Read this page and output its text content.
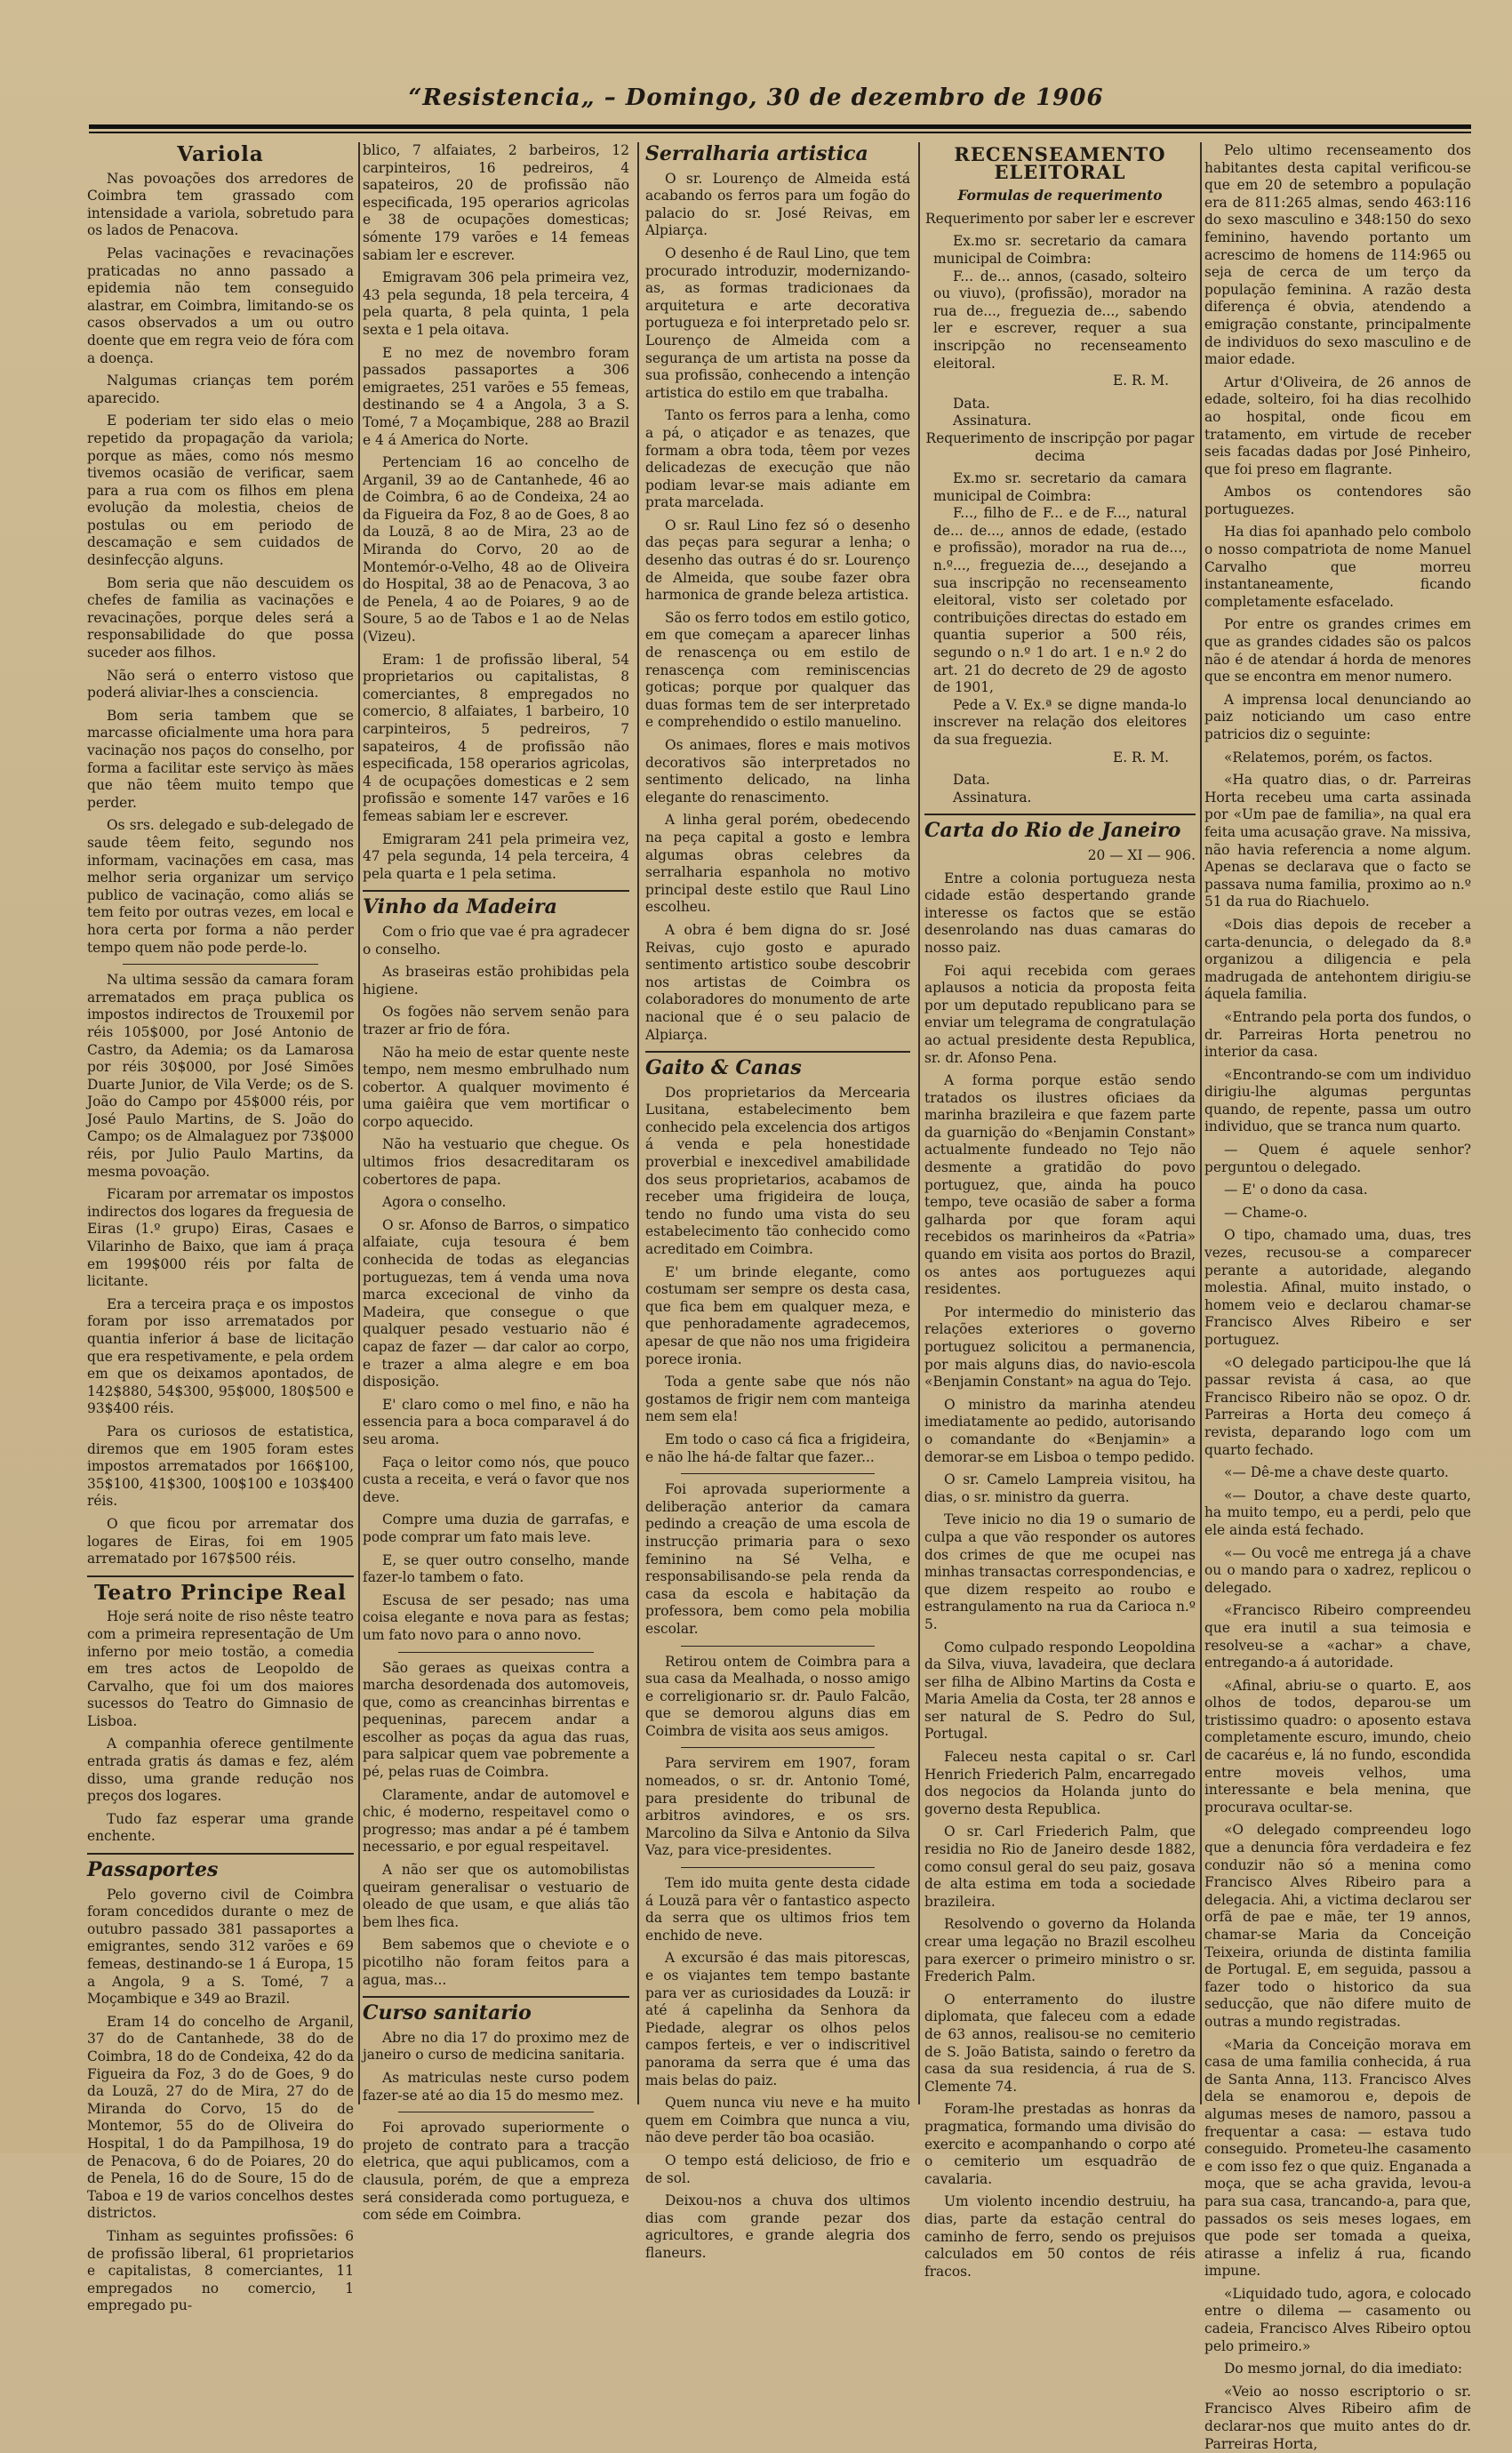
“Resistencia„ – Domingo, 30 de dezembro de 1906
Variola

Nas povoações dos arredores de Coimbra tem grassado com intensidade a variola, sobretudo para os lados de Penacova.

Pelas vacinações e revacinações praticadas no anno passado a epidemia não tem conseguido alastrar, em Coimbra, limitando-se os casos observados a um ou outro doente que em regra veio de fóra com a doença.

Nalgumas crianças tem porém aparecido.

E poderiam ter sido elas o meio repetido da propagação da variola; porque as mães, como nós mesmo tivemos ocasião de verificar, saem para a rua com os filhos em plena evolução da molestia, cheios de postulas ou em periodo de descamação e sem cuidados de desinfecção alguns.

Bom seria que não descuidem os chefes de familia as vacinações e revacinações, porque deles será a responsabilidade do que possa suceder aos filhos.

Não será o enterro vistoso que poderá aliviar-lhes a consciencia.

Bom seria tambem que se marcasse oficialmente uma hora para vacinação nos paços do conselho, por forma a facilitar este serviço às mães que não têem muito tempo que perder.

Os srs. delegado e sub-delegado de saude têem feito, segundo nos informam, vacinações em casa, mas melhor seria organizar um serviço publico de vacinação, como aliás se tem feito por outras vezes, em local e hora certa por forma a não perder tempo quem não pode perde-lo.

Na ultima sessão da camara foram arrematados em praça publica os impostos indirectos de Trouxemil por réis 105$000, por José Antonio de Castro, da Ademia; os da Lamarosa por réis 30$000, por José Simões Duarte Junior, de Vila Verde; os de S. João do Campo por 45$000 réis, por José Paulo Martins, de S. João do Campo; os de Almalaguez por 73$000 réis, por Julio Paulo Martins, da mesma povoação.

Ficaram por arrematar os impostos indirectos dos logares da freguesia de Eiras (1.º grupo) Eiras, Casaes e Vilarinho de Baixo, que iam á praça em 199$000 réis por falta de licitante.

Era a terceira praça e os impostos foram por isso arrematados por quantia inferior á base de licitação que era respetivamente, e pela ordem em que os deixamos apontados, de 142$880, 54$300, 95$000, 180$500 e 93$400 réis.

Para os curiosos de estatistica, diremos que em 1905 foram estes impostos arrematados por 166$100, 35$100, 41$300, 100$100 e 103$400 réis.

O que ficou por arrematar dos logares de Eiras, foi em 1905 arrematado por 167$500 réis.

Teatro Principe Real

Hoje será noite de riso nêste teatro com a primeira representação de Um inferno por meio tostão, a comedia em tres actos de Leopoldo de Carvalho, que foi um dos maiores sucessos do Teatro do Gimnasio de Lisboa.

A companhia oferece gentilmente entrada gratis ás damas e fez, além disso, uma grande redução nos preços dos logares.

Tudo faz esperar uma grande enchente.

Passaportes

Pelo governo civil de Coimbra foram concedidos durante o mez de outubro passado 381 passaportes a emigrantes, sendo 312 varões e 69 femeas, destinando-se 1 á Europa, 15 a Angola, 9 a S. Tomé, 7 a Moçambique e 349 ao Brazil.

Eram 14 do concelho de Arganil, 37 do de Cantanhede, 38 do de Coimbra, 18 do de Condeixa, 42 do da Figueira da Foz, 3 do de Goes, 9 do da Louzã, 27 do de Mira, 27 do de Miranda do Corvo, 15 do de Montemor, 55 do de Oliveira do Hospital, 1 do da Pampilhosa, 19 do de Penacova, 6 do de Poiares, 20 do de Penela, 16 do de Soure, 15 do de Taboa e 19 de varios concelhos destes districtos.

Tinham as seguintes profissões: 6 de profissão liberal, 61 proprietarios e capitalistas, 8 comerciantes, 11 empregados no comercio, 1 empregado pu-

blico, 7 alfaiates, 2 barbeiros, 12 carpinteiros, 16 pedreiros, 4 sapateiros, 20 de profissão não especificada, 195 operarios agricolas e 38 de ocupações domesticas; sómente 179 varões e 14 femeas sabiam ler e escrever.

Emigravam 306 pela primeira vez, 43 pela segunda, 18 pela terceira, 4 pela quarta, 8 pela quinta, 1 pela sexta e 1 pela oitava.

E no mez de novembro foram passados passaportes a 306 emigraetes, 251 varões e 55 femeas, destinando se 4 a Angola, 3 a S. Tomé, 7 a Moçambique, 288 ao Brazil e 4 á America do Norte.

Pertenciam 16 ao concelho de Arganil, 39 ao de Cantanhede, 46 ao de Coimbra, 6 ao de Condeixa, 24 ao da Figueira da Foz, 8 ao de Goes, 8 ao da Louzã, 8 ao de Mira, 23 ao de Miranda do Corvo, 20 ao de Montemór-o-Velho, 48 ao de Oliveira do Hospital, 38 ao de Penacova, 3 ao de Penela, 4 ao de Poiares, 9 ao de Soure, 5 ao de Tabos e 1 ao de Nelas (Vizeu).

Eram: 1 de profissão liberal, 54 proprietarios ou capitalistas, 8 comerciantes, 8 empregados no comercio, 8 alfaiates, 1 barbeiro, 10 carpinteiros, 5 pedreiros, 7 sapateiros, 4 de profissão não especificada, 158 operarios agricolas, 4 de ocupações domesticas e 2 sem profissão e somente 147 varões e 16 femeas sabiam ler e escrever.

Emigraram 241 pela primeira vez, 47 pela segunda, 14 pela terceira, 4 pela quarta e 1 pela setima.

Vinho da Madeira

Com o frio que vae é pra agradecer o conselho.

As braseiras estão prohibidas pela higiene.

Os fogões não servem senão para trazer ar frio de fóra.

Não ha meio de estar quente neste tempo, nem mesmo embrulhado num cobertor. A qualquer movimento é uma gaiêira que vem mortificar o corpo aquecido.

Não ha vestuario que chegue. Os ultimos frios desacreditaram os cobertores de papa.

Agora o conselho.

O sr. Afonso de Barros, o simpatico alfaiate, cuja tesoura é bem conhecida de todas as elegancias portuguezas, tem á venda uma nova marca excecional de vinho da Madeira, que consegue o que qualquer pesado vestuario não é capaz de fazer — dar calor ao corpo, e trazer a alma alegre e em boa disposição.

E' claro como o mel fino, e não ha essencia para a boca comparavel á do seu aroma.

Faça o leitor como nós, que pouco custa a receita, e verá o favor que nos deve.

Compre uma duzia de garrafas, e pode comprar um fato mais leve.

E, se quer outro conselho, mande fazer-lo tambem o fato.

Escusa de ser pesado; nas uma coisa elegante e nova para as festas; um fato novo para o anno novo.

São geraes as queixas contra a marcha desordenada dos automoveis, que, como as creancinhas birrentas e pequeninas, parecem andar a escolher as poças da agua das ruas, para salpicar quem vae pobremente a pé, pelas ruas de Coimbra.

Claramente, andar de automovel e chic, é moderno, respeitavel como o progresso; mas andar a pé é tambem necessario, e por egual respeitavel.

A não ser que os automobilistas queiram generalisar o vestuario de oleado de que usam, e que aliás tão bem lhes fica.

Bem sabemos que o cheviote e o picotilho não foram feitos para a agua, mas...

Curso sanitario

Abre no dia 17 do proximo mez de janeiro o curso de medicina sanitaria.

As matriculas neste curso podem fazer-se até ao dia 15 do mesmo mez.

Foi aprovado superiormente o projeto de contrato para a tracção eletrica, que aqui publicamos, com a clausula, porém, de que a empreza será considerada como portugueza, e com séde em Coimbra.

Serralharia artistica

O sr. Lourenço de Almeida está acabando os ferros para um fogão do palacio do sr. José Reivas, em Alpiarça.

O desenho é de Raul Lino, que tem procurado introduzir, modernizando-as, as formas tradicionaes da arquitetura e arte decorativa portugueza e foi interpretado pelo sr. Lourenço de Almeida com a segurança de um artista na posse da sua profissão, conhecendo a intenção artistica do estilo em que trabalha.

Tanto os ferros para a lenha, como a pá, o atiçador e as tenazes, que formam a obra toda, têem por vezes delicadezas de execução que não podiam levar-se mais adiante em prata marcelada.

O sr. Raul Lino fez só o desenho das peças para segurar a lenha; o desenho das outras é do sr. Lourenço de Almeida, que soube fazer obra harmonica de grande beleza artistica.

São os ferro todos em estilo gotico, em que começam a aparecer linhas de renascença ou em estilo de renascença com reminiscencias goticas; porque por qualquer das duas formas tem de ser interpretado e comprehendido o estilo manuelino.

Os animaes, flores e mais motivos decorativos são interpretados no sentimento delicado, na linha elegante do renascimento.

A linha geral porém, obedecendo na peça capital a gosto e lembra algumas obras celebres da serralharia espanhola no motivo principal deste estilo que Raul Lino escolheu.

A obra é bem digna do sr. José Reivas, cujo gosto e apurado sentimento artistico soube descobrir nos artistas de Coimbra os colaboradores do monumento de arte nacional que é o seu palacio de Alpiarça.

Gaito & Canas

Dos proprietarios da Mercearia Lusitana, estabelecimento bem conhecido pela excelencia dos artigos á venda e pela honestidade proverbial e inexcedivel amabilidade dos seus proprietarios, acabamos de receber uma frigideira de louça, tendo no fundo uma vista do seu estabelecimento tão conhecido como acreditado em Coimbra.

E' um brinde elegante, como costumam ser sempre os desta casa, que fica bem em qualquer meza, e que penhoradamente agradecemos, apesar de que não nos uma frigideira porece ironia.

Toda a gente sabe que nós não gostamos de frigir nem com manteiga nem sem ela!

Em todo o caso cá fica a frigideira, e não lhe há-de faltar que fazer...

Foi aprovada superiormente a deliberação anterior da camara pedindo a creação de uma escola de instrucção primaria para o sexo feminino na Sé Velha, e responsabilisando-se pela renda da casa da escola e habitação da professora, bem como pela mobilia escolar.

Retirou ontem de Coimbra para a sua casa da Mealhada, o nosso amigo e correligionario sr. dr. Paulo Falcão, que se demorou alguns dias em Coimbra de visita aos seus amigos.

Para servirem em 1907, foram nomeados, o sr. dr. Antonio Tomé, para presidente do tribunal de arbitros avindores, e os srs. Marcolino da Silva e Antonio da Silva Vaz, para vice-presidentes.

Tem ido muita gente desta cidade á Louzã para vêr o fantastico aspecto da serra que os ultimos frios tem enchido de neve.

A excursão é das mais pitorescas, e os viajantes tem tempo bastante para ver as curiosidades da Louzã: ir até á capelinha da Senhora da Piedade, alegrar os olhos pelos campos ferteis, e ver o indiscritivel panorama da serra que é uma das mais belas do paiz.

Quem nunca viu neve e ha muito quem em Coimbra que nunca a viu, não deve perder tão boa ocasião.

O tempo está delicioso, de frio e de sol.

Deixou-nos a chuva dos ultimos dias com grande pezar dos agricultores, e grande alegria dos flaneurs.

RECENSEAMENTO ELEITORAL

Formulas de requerimento

Requerimento por saber ler e escrever

Ex.mo sr. secretario da camara municipal de Coimbra:

F... de... annos, (casado, solteiro ou viuvo), (profissão), morador na rua de..., freguezia de..., sabendo ler e escrever, requer a sua inscripção no recenseamento eleitoral.

E. R. M.

Data.

Assinatura.

Requerimento de inscripção por pagar decima

Ex.mo sr. secretario da camara municipal de Coimbra:

F..., filho de F... e de F..., natural de... de..., annos de edade, (estado e profissão), morador na rua de..., n.º..., freguezia de..., desejando a sua inscripção no recenseamento eleitoral, visto ser coletado por contribuições directas do estado em quantia superior a 500 réis, segundo o n.º 1 do art. 1 e n.º 2 do art. 21 do decreto de 29 de agosto de 1901,

Pede a V. Ex.ª se digne manda-lo inscrever na relação dos eleitores da sua freguezia.

E. R. M.

Data.

Assinatura.

Carta do Rio de Janeiro

20 — XI — 906.

Entre a colonia portugueza nesta cidade estão despertando grande interesse os factos que se estão desenrolando nas duas camaras do nosso paiz.

Foi aqui recebida com geraes aplausos a noticia da proposta feita por um deputado republicano para se enviar um telegrama de congratulação ao actual presidente desta Republica, sr. dr. Afonso Pena.

A forma porque estão sendo tratados os ilustres oficiaes da marinha brazileira e que fazem parte da guarnição do «Benjamin Constant» actualmente fundeado no Tejo não desmente a gratidão do povo portuguez, que, ainda ha pouco tempo, teve ocasião de saber a forma galharda por que foram aqui recebidos os marinheiros da «Patria» quando em visita aos portos do Brazil, os antes aos portuguezes aqui residentes.

Por intermedio do ministerio das relações exteriores o governo portuguez solicitou a permanencia, por mais alguns dias, do navio-escola «Benjamin Constant» na agua do Tejo.

O ministro da marinha atendeu imediatamente ao pedido, autorisando o comandante do «Benjamin» a demorar-se em Lisboa o tempo pedido.

O sr. Camelo Lampreia visitou, ha dias, o sr. ministro da guerra.

Teve inicio no dia 19 o sumario de culpa a que vão responder os autores dos crimes de que me ocupei nas minhas transactas correspondencias, e que dizem respeito ao roubo e estrangulamento na rua da Carioca n.º 5.

Como culpado respondo Leopoldina da Silva, viuva, lavadeira, que declara ser filha de Albino Martins da Costa e Maria Amelia da Costa, ter 28 annos e ser natural de S. Pedro do Sul, Portugal.

Faleceu nesta capital o sr. Carl Henrich Friederich Palm, encarregado dos negocios da Holanda junto do governo desta Republica.

O sr. Carl Friederich Palm, que residia no Rio de Janeiro desde 1882, como consul geral do seu paiz, gosava de alta estima em toda a sociedade brazileira.

Resolvendo o governo da Holanda crear uma legação no Brazil escolheu para exercer o primeiro ministro o sr. Frederich Palm.

O enterramento do ilustre diplomata, que faleceu com a edade de 63 annos, realisou-se no cemiterio de S. João Batista, saindo o feretro da casa da sua residencia, á rua de S. Clemente 74.

Foram-lhe prestadas as honras da pragmatica, formando uma divisão do exercito e acompanhando o corpo até o cemiterio um esquadrão de cavalaria.

Um violento incendio destruiu, ha dias, parte da estação central do caminho de ferro, sendo os prejuisos calculados em 50 contos de réis fracos.

Pelo ultimo recenseamento dos habitantes desta capital verificou-se que em 20 de setembro a população era de 811:265 almas, sendo 463:116 do sexo masculino e 348:150 do sexo feminino, havendo portanto um acrescimo de homens de 114:965 ou seja de cerca de um terço da população feminina. A razão desta diferença é obvia, atendendo a emigração constante, principalmente de individuos do sexo masculino e de maior edade.

Artur d'Oliveira, de 26 annos de edade, solteiro, foi ha dias recolhido ao hospital, onde ficou em tratamento, em virtude de receber seis facadas dadas por José Pinheiro, que foi preso em flagrante.

Ambos os contendores são portuguezes.

Ha dias foi apanhado pelo combolo o nosso compatriota de nome Manuel Carvalho que morreu instantaneamente, ficando completamente esfacelado.

Por entre os grandes crimes em que as grandes cidades são os palcos não é de atendar á horda de menores que se encontra em menor numero.

A imprensa local denunciando ao paiz noticiando um caso entre patricios diz o seguinte:

«Relatemos, porém, os factos.

«Ha quatro dias, o dr. Parreiras Horta recebeu uma carta assinada por «Um pae de familia», na qual era feita uma acusação grave. Na missiva, não havia referencia a nome algum. Apenas se declarava que o facto se passava numa familia, proximo ao n.º 51 da rua do Riachuelo.

«Dois dias depois de receber a carta-denuncia, o delegado da 8.ª organizou a diligencia e pela madrugada de antehontem dirigiu-se áquela familia.

«Entrando pela porta dos fundos, o dr. Parreiras Horta penetrou no interior da casa.

«Encontrando-se com um individuo dirigiu-lhe algumas perguntas quando, de repente, passa um outro individuo, que se tranca num quarto.

— Quem é aquele senhor? perguntou o delegado.

— E' o dono da casa.

— Chame-o.

O tipo, chamado uma, duas, tres vezes, recusou-se a comparecer perante a autoridade, alegando molestia. Afinal, muito instado, o homem veio e declarou chamar-se Francisco Alves Ribeiro e ser portuguez.

«O delegado participou-lhe que lá passar revista á casa, ao que Francisco Ribeiro não se opoz. O dr. Parreiras a Horta deu começo á revista, deparando logo com um quarto fechado.

«— Dê-me a chave deste quarto.

«— Doutor, a chave deste quarto, ha muito tempo, eu a perdi, pelo que ele ainda está fechado.

«— Ou você me entrega já a chave ou o mando para o xadrez, replicou o delegado.

«Francisco Ribeiro compreendeu que era inutil a sua teimosia e resolveu-se a «achar» a chave, entregando-a á autoridade.

«Afinal, abriu-se o quarto. E, aos olhos de todos, deparou-se um tristissimo quadro: o aposento estava completamente escuro, imundo, cheio de cacaréus e, lá no fundo, escondida entre moveis velhos, uma interessante e bela menina, que procurava ocultar-se.

«O delegado compreendeu logo que a denuncia fôra verdadeira e fez conduzir não só a menina como Francisco Alves Ribeiro para a delegacia. Ahi, a victima declarou ser orfã de pae e mãe, ter 19 annos, chamar-se Maria da Conceição Teixeira, oriunda de distinta familia de Portugal. E, em seguida, passou a fazer todo o historico da sua seducção, que não difere muito de outras a mundo registradas.

«Maria da Conceição morava em casa de uma familia conhecida, á rua de Santa Anna, 113. Francisco Alves dela se enamorou e, depois de algumas meses de namoro, passou a frequentar a casa: — estava tudo conseguido. Prometeu-lhe casamento e com isso fez o que quiz. Enganada a moça, que se acha gravida, levou-a para sua casa, trancando-a, para que, passados os seis meses logaes, em que pode ser tomada a queixa, atirasse a infeliz á rua, ficando impune.

«Liquidado tudo, agora, e colocado entre o dilema — casamento ou cadeia, Francisco Alves Ribeiro optou pelo primeiro.»

Do mesmo jornal, do dia imediato:

«Veio ao nosso escriptorio o sr. Francisco Alves Ribeiro afim de declarar-nos que muito antes do dr. Parreiras Horta,
